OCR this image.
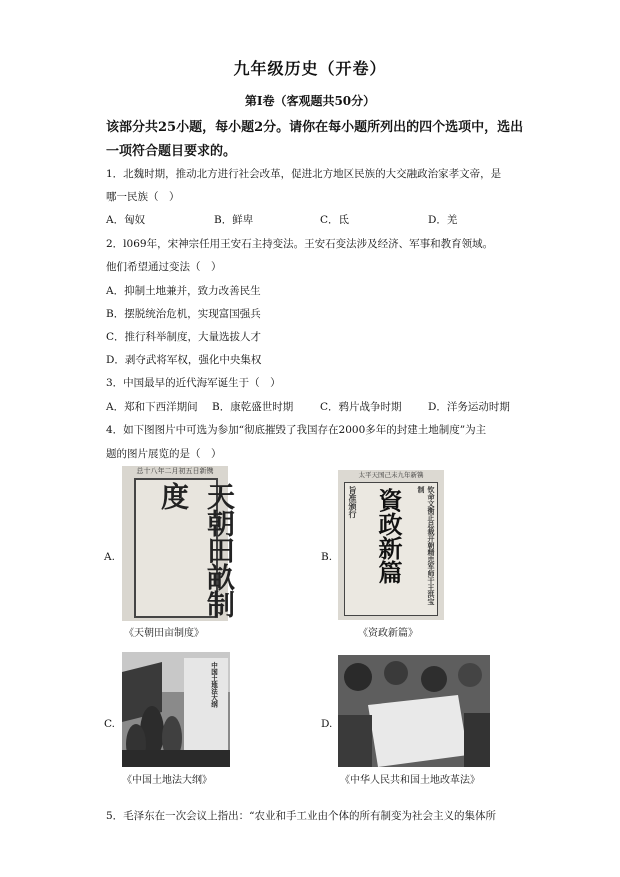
九年级历史（开卷）
第Ⅰ卷（客观题共50分）
该部分共25小题，每小题2分。请你在每小题所列出的四个选项中，选出
一项符合题目要求的。
1．北魏时期，推动北方进行社会改革，促进北方地区民族的大交融政治家孝文帝，是
哪一民族（　）
A．匈奴	B．鲜卑	C．氐	D．羌
2．l069年，宋神宗任用王安石主持变法。王安石变法涉及经济、军事和教育领域。
他们希望通过变法（　）
A．抑制土地兼并，致力改善民生
B．摆脱统治危机，实现富国强兵
C．推行科举制度，大量选拔人才
D．剥夺武将军权，强化中央集权
3．中国最早的近代海军诞生于（　）
A．郑和下西洋期间 B．康乾盛世时期	C．鸦片战争时期	D．洋务运动时期
4．如下图图片中可选为参加“彻底摧毁了我国存在2000多年的封建土地制度”为主
题的图片展览的是（　）
A.	B.
C.	D.
总十八年二月初五日新镌
天朝田畝制度
《天朝田亩制度》
太平天国己未九年新镌
旨准颁行 資政新篇	钦命文衡正总裁开朝精忠军师干王洪宝制
《资政新篇》
中国土地法大纲
《中国土地法大纲》	《中华人民共和国土地改革法》
5．毛泽东在一次会议上指出：“农业和手工业由个体的所有制变为社会主义的集体所
